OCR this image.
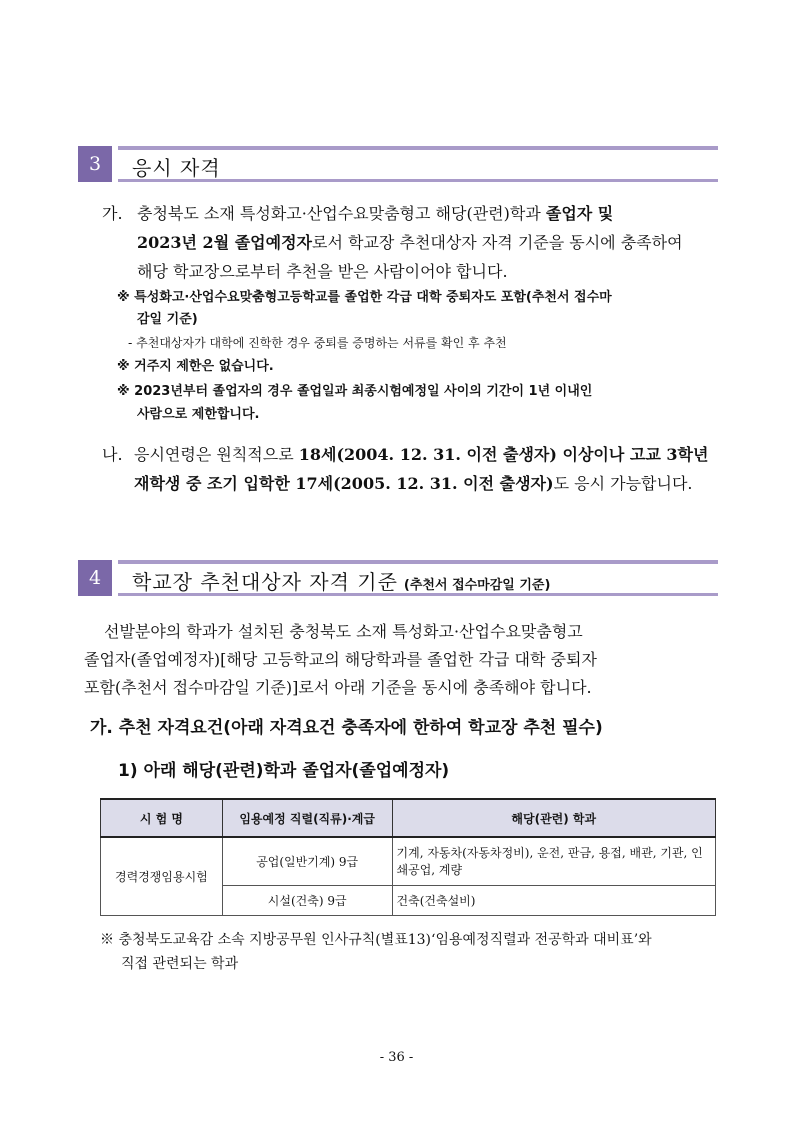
3	응시 자격
가. 충청북도 소재 특성화고·산업수요맞춤형고 해당(관련)학과 졸업자 및
2023년 2월 졸업예정자로서 학교장 추천대상자 자격 기준을 동시에 충족하여
해당 학교장으로부터 추천을 받은 사람이어야 합니다.
※ 특성화고·산업수요맞춤형고등학교를 졸업한 각급 대학 중퇴자도 포함(추천서 접수마
감일 기준)
- 추천대상자가 대학에 진학한 경우 중퇴를 증명하는 서류를 확인 후 추천
※ 거주지 제한은 없습니다.
※ 2023년부터 졸업자의 경우 졸업일과 최종시험예정일 사이의 기간이 1년 이내인
사람으로 제한합니다.
나. 응시연령은 원칙적으로 18세(2004. 12. 31. 이전 출생자) 이상이나 고교 3학년
재학생 중 조기 입학한 17세(2005. 12. 31. 이전 출생자)도 응시 가능합니다.
4	학교장 추천대상자 자격 기준 (추천서 접수마감일 기준)
선발분야의 학과가 설치된 충청북도 소재 특성화고·산업수요맞춤형고
졸업자(졸업예정자)[해당 고등학교의 해당학과를 졸업한 각급 대학 중퇴자
포함(추천서 접수마감일 기준)]로서 아래 기준을 동시에 충족해야 합니다.
가. 추천 자격요건(아래 자격요건 충족자에 한하여 학교장 추천 필수)
1) 아래 해당(관련)학과 졸업자(졸업예정자)
시 험 명	임용예정 직렬(직류)·계급	해당(관련) 학과
경력경쟁임용시험	공업(일반기계) 9급	기계, 자동차(자동차정비), 운전, 판금, 용접, 배관, 기관, 인쇄공업, 계량
	시설(건축) 9급	건축(건축설비)
※ 충청북도교육감 소속 지방공무원 인사규칙(별표13)‘임용예정직렬과 전공학과 대비표’와
직접 관련되는 학과
- 36 -
